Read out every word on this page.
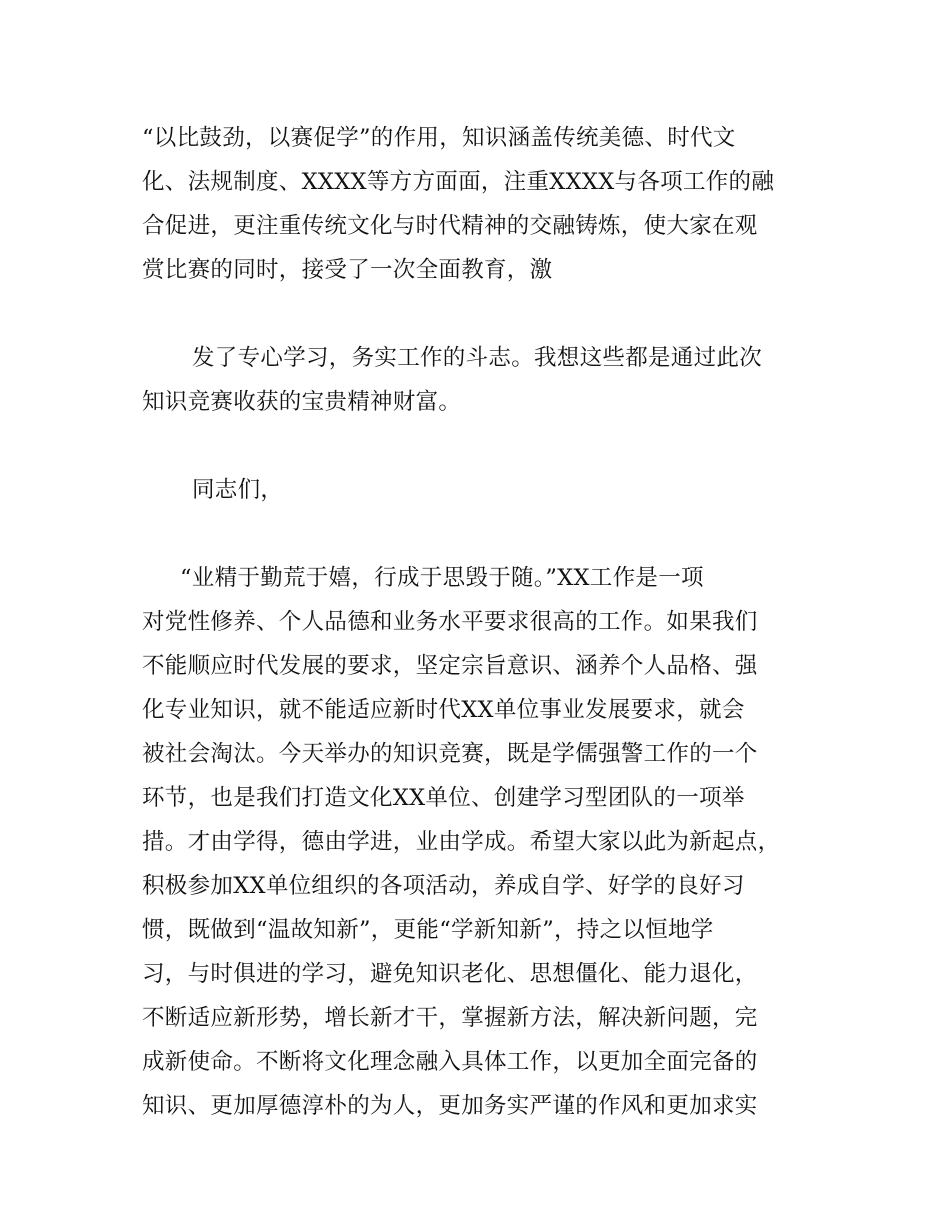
“以比鼓劲，以赛促学”的作用，知识涵盖传统美德、时代文
化、法规制度、XXXX等方方面面，注重XXXX与各项工作的融
合促进，更注重传统文化与时代精神的交融铸炼，使大家在观
赏比赛的同时，接受了一次全面教育，激
发了专心学习，务实工作的斗志。我想这些都是通过此次
知识竞赛收获的宝贵精神财富。
同志们，
“业精于勤荒于嬉，行成于思毁于随。”XX工作是一项
对党性修养、个人品德和业务水平要求很高的工作。如果我们
不能顺应时代发展的要求，坚定宗旨意识、涵养个人品格、强
化专业知识，就不能适应新时代XX单位事业发展要求，就会
被社会淘汰。今天举办的知识竞赛，既是学儒强警工作的一个
环节，也是我们打造文化XX单位、创建学习型团队的一项举
措。才由学得，德由学进，业由学成。希望大家以此为新起点，
积极参加XX单位组织的各项活动，养成自学、好学的良好习
惯，既做到“温故知新”，更能“学新知新”，持之以恒地学
习，与时俱进的学习，避免知识老化、思想僵化、能力退化，
不断适应新形势，增长新才干，掌握新方法，解决新问题，完
成新使命。不断将文化理念融入具体工作，以更加全面完备的
知识、更加厚德淳朴的为人，更加务实严谨的作风和更加求实
